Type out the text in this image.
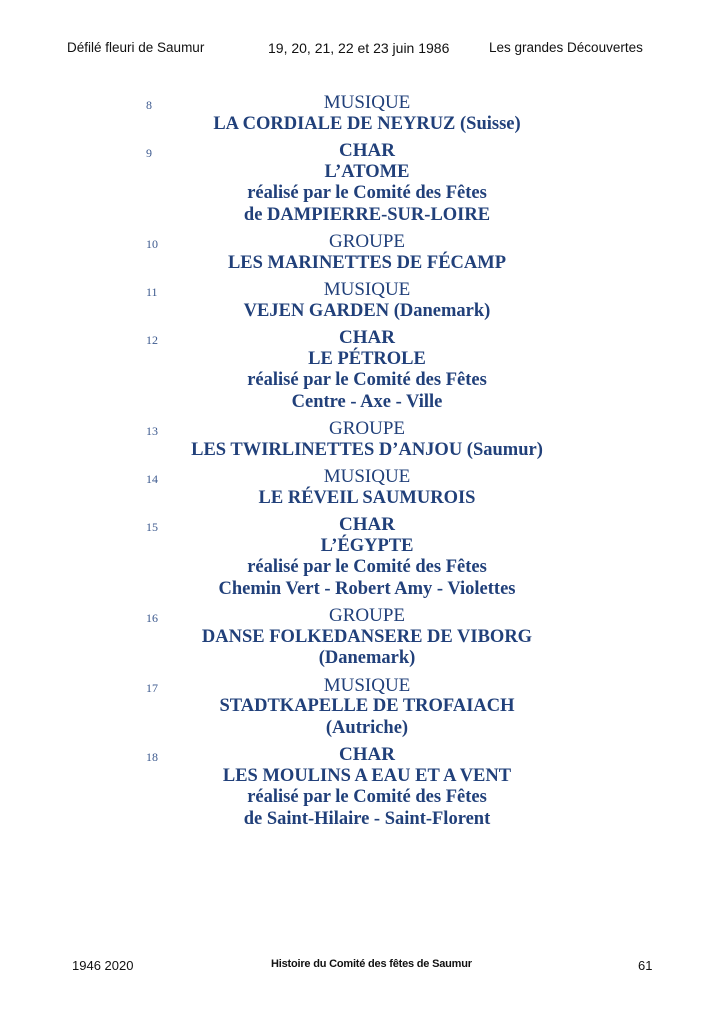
Défilé fleuri de Saumur	19, 20, 21, 22 et 23 juin 1986	Les grandes Découvertes
8	MUSIQUE
LA CORDIALE DE NEYRUZ (Suisse)
9	CHAR
L’ATOME
réalisé par le Comité des Fêtes
de DAMPIERRE-SUR-LOIRE
10	GROUPE
LES MARINETTES DE FÉCAMP
11	MUSIQUE
VEJEN GARDEN (Danemark)
12	CHAR
LE PÉTROLE
réalisé par le Comité des Fêtes
Centre - Axe - Ville
13	GROUPE
LES TWIRLINETTES D’ANJOU (Saumur)
14	MUSIQUE
LE RÉVEIL SAUMUROIS
15	CHAR
L’ÉGYPTE
réalisé par le Comité des Fêtes
Chemin Vert - Robert Amy - Violettes
16	GROUPE
DANSE FOLKEDANSERE DE VIBORG
(Danemark)
17	MUSIQUE
STADTKAPELLE DE TROFAIACH
(Autriche)
18	CHAR
LES MOULINS A EAU ET A VENT
réalisé par le Comité des Fêtes
de Saint-Hilaire - Saint-Florent
1946 2020	Histoire du Comité des fêtes de Saumur	61
